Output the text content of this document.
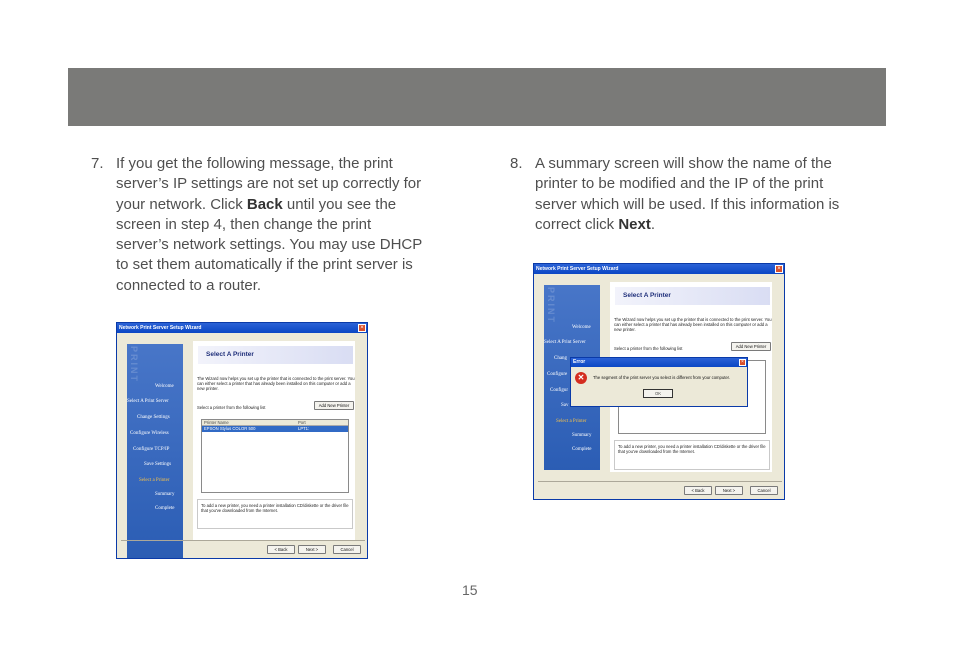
7. If you get the following message, the print server’s IP settings are not set up correctly for your network. Click Back until you see the screen in step 4, then change the print server’s network settings. You may use DHCP to set them automatically if the print server is connected to a router.
8. A summary screen will show the name of the printer to be modified and the IP of the print server which will be used. If this information is correct click Next.
Network Print Server Setup Wizard	×
PRINT
Welcome
Select A Print Server
Change Settings
Configure Wireless
Configure TCP/IP
Save Settings
Select a Printer
Summary
Complete
Select A Printer
The Wizard now helps you set up the printer that is connected to the print server. You can either select a printer that has already been installed on this computer or add a new printer.
Select a printer from the following list	Add New Printer
Printer Name	Port
EPSON Stylus COLOR 500	LPT1:
To add a new printer, you need a printer installation CD/diskette or the driver file that you've downloaded from the Internet.
< Back	Next >	Cancel
Network Print Server Setup Wizard	×
PRINT
Welcome
Select A Print Server
Chang
Configure
Configur
Sav
Select a Printer
Summary
Complete
Select A Printer
The Wizard now helps you set up the printer that is connected to the print server. You can either select a printer that has already been installed on this computer or add a new printer.
Select a printer from the following list	Add New Printer
To add a new printer, you need a printer installation CD/diskette or the driver file that you've downloaded from the Internet.
< Back	Next >	Cancel
Error	×
✕	The segment of the print server you select is different from your computer.
OK
15
